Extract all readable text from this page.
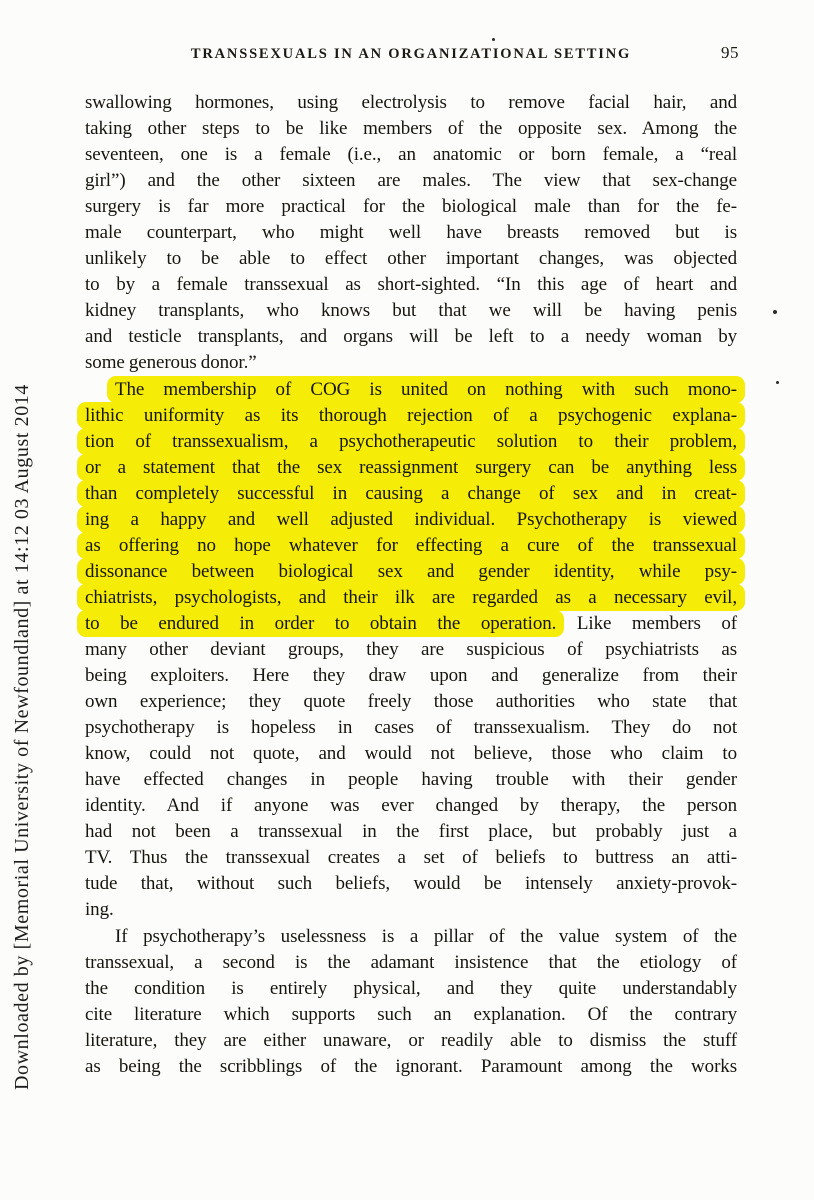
TRANSSEXUALS IN AN ORGANIZATIONAL SETTING	95
swallowing hormones, using electrolysis to remove facial hair, and
taking other steps to be like members of the opposite sex. Among the
seventeen, one is a female (i.e., an anatomic or born female, a “real
girl”) and the other sixteen are males. The view that sex-change
surgery is far more practical for the biological male than for the fe-
male counterpart, who might well have breasts removed but is
unlikely to be able to effect other important changes, was objected
to by a female transsexual as short-sighted. “In this age of heart and
kidney transplants, who knows but that we will be having penis
and testicle transplants, and organs will be left to a needy woman by
some generous donor.”
The membership of COG is united on nothing with such mono-
lithic uniformity as its thorough rejection of a psychogenic explana-
tion of transsexualism, a psychotherapeutic solution to their problem,
or a statement that the sex reassignment surgery can be anything less
than completely successful in causing a change of sex and in creat-
ing a happy and well adjusted individual. Psychotherapy is viewed
as offering no hope whatever for effecting a cure of the transsexual
dissonance between biological sex and gender identity, while psy-
chiatrists, psychologists, and their ilk are regarded as a necessary evil,
to be endured in order to obtain the operation. Like members of
many other deviant groups, they are suspicious of psychiatrists as
being exploiters. Here they draw upon and generalize from their
own experience; they quote freely those authorities who state that
psychotherapy is hopeless in cases of transsexualism. They do not
know, could not quote, and would not believe, those who claim to
have effected changes in people having trouble with their gender
identity. And if anyone was ever changed by therapy, the person
had not been a transsexual in the first place, but probably just a
TV. Thus the transsexual creates a set of beliefs to buttress an atti-
tude that, without such beliefs, would be intensely anxiety-provok-
ing.
If psychotherapy’s uselessness is a pillar of the value system of the
transsexual, a second is the adamant insistence that the etiology of
the condition is entirely physical, and they quite understandably
cite literature which supports such an explanation. Of the contrary
literature, they are either unaware, or readily able to dismiss the stuff
as being the scribblings of the ignorant. Paramount among the works
Downloaded by [Memorial University of Newfoundland] at 14:12 03 August 2014
